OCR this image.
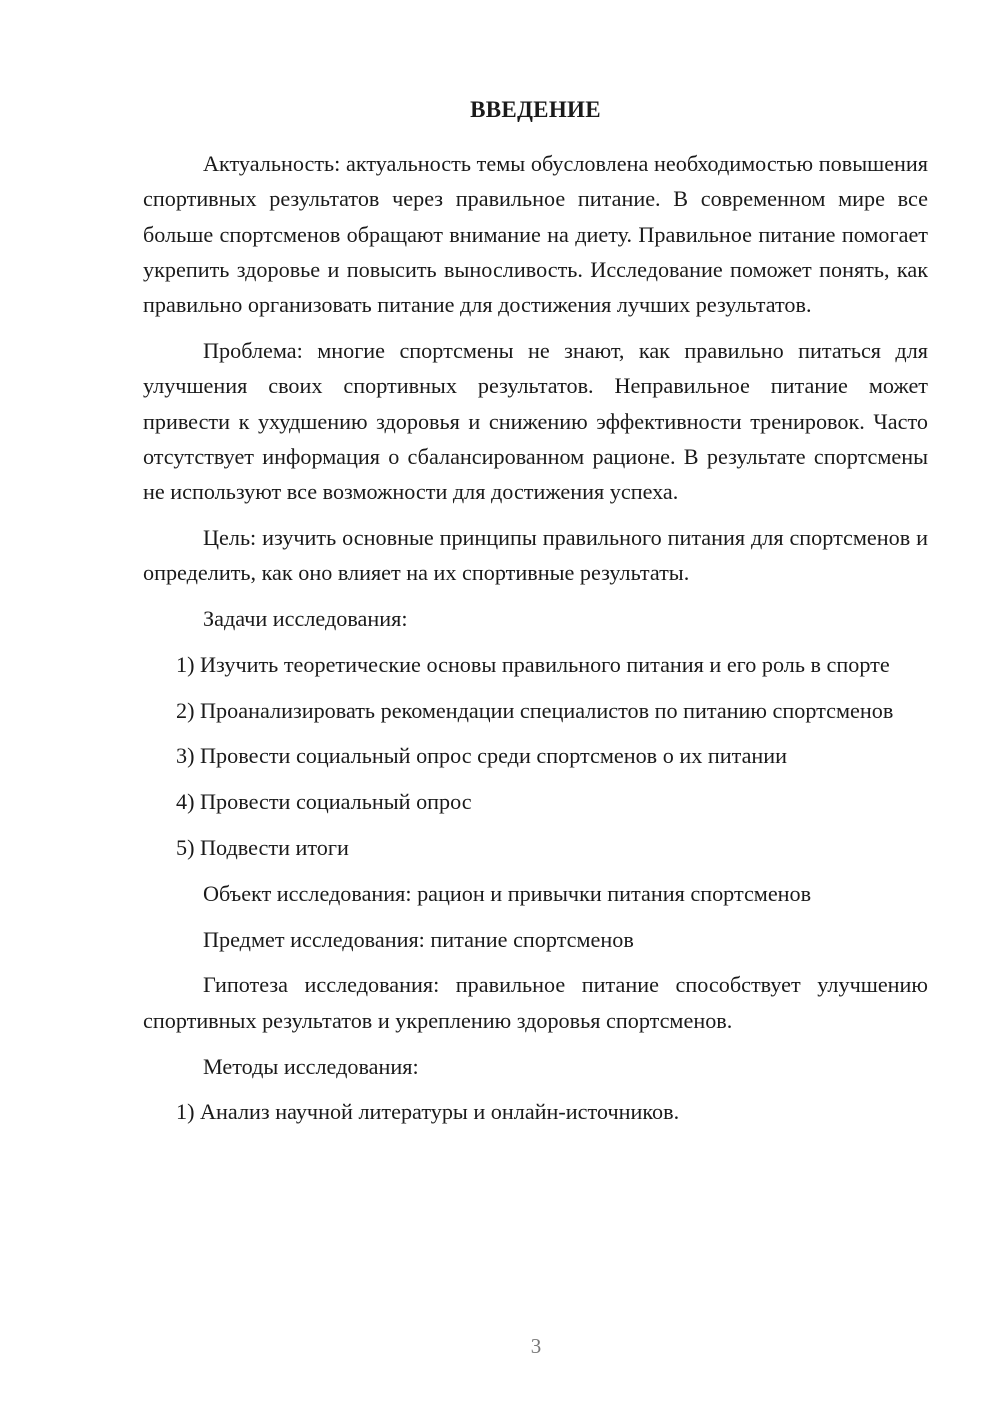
ВВЕДЕНИЕ

Актуальность: актуальность темы обусловлена необходимостью повышения спортивных результатов через правильное питание. В современном мире все больше спортсменов обращают внимание на диету. Правильное питание помогает укрепить здоровье и повысить выносливость. Исследование поможет понять, как правильно организовать питание для достижения лучших результатов.

Проблема: многие спортсмены не знают, как правильно питаться для улучшения своих спортивных результатов. Неправильное питание может привести к ухудшению здоровья и снижению эффективности тренировок. Часто отсутствует информация о сбалансированном рационе. В результате спортсмены не используют все возможности для достижения успеха.

Цель: изучить основные принципы правильного питания для спортсменов и определить, как оно влияет на их спортивные результаты.

Задачи исследования:

1) Изучить теоретические основы правильного питания и его роль в спорте

2) Проанализировать рекомендации специалистов по питанию спортсменов

3) Провести социальный опрос среди спортсменов о их питании

4) Провести социальный опрос

5) Подвести итоги

Объект исследования: рацион и привычки питания спортсменов

Предмет исследования: питание спортсменов

Гипотеза исследования: правильное питание способствует улучшению спортивных результатов и укреплению здоровья спортсменов.

Методы исследования:

1) Анализ научной литературы и онлайн-источников.

3
